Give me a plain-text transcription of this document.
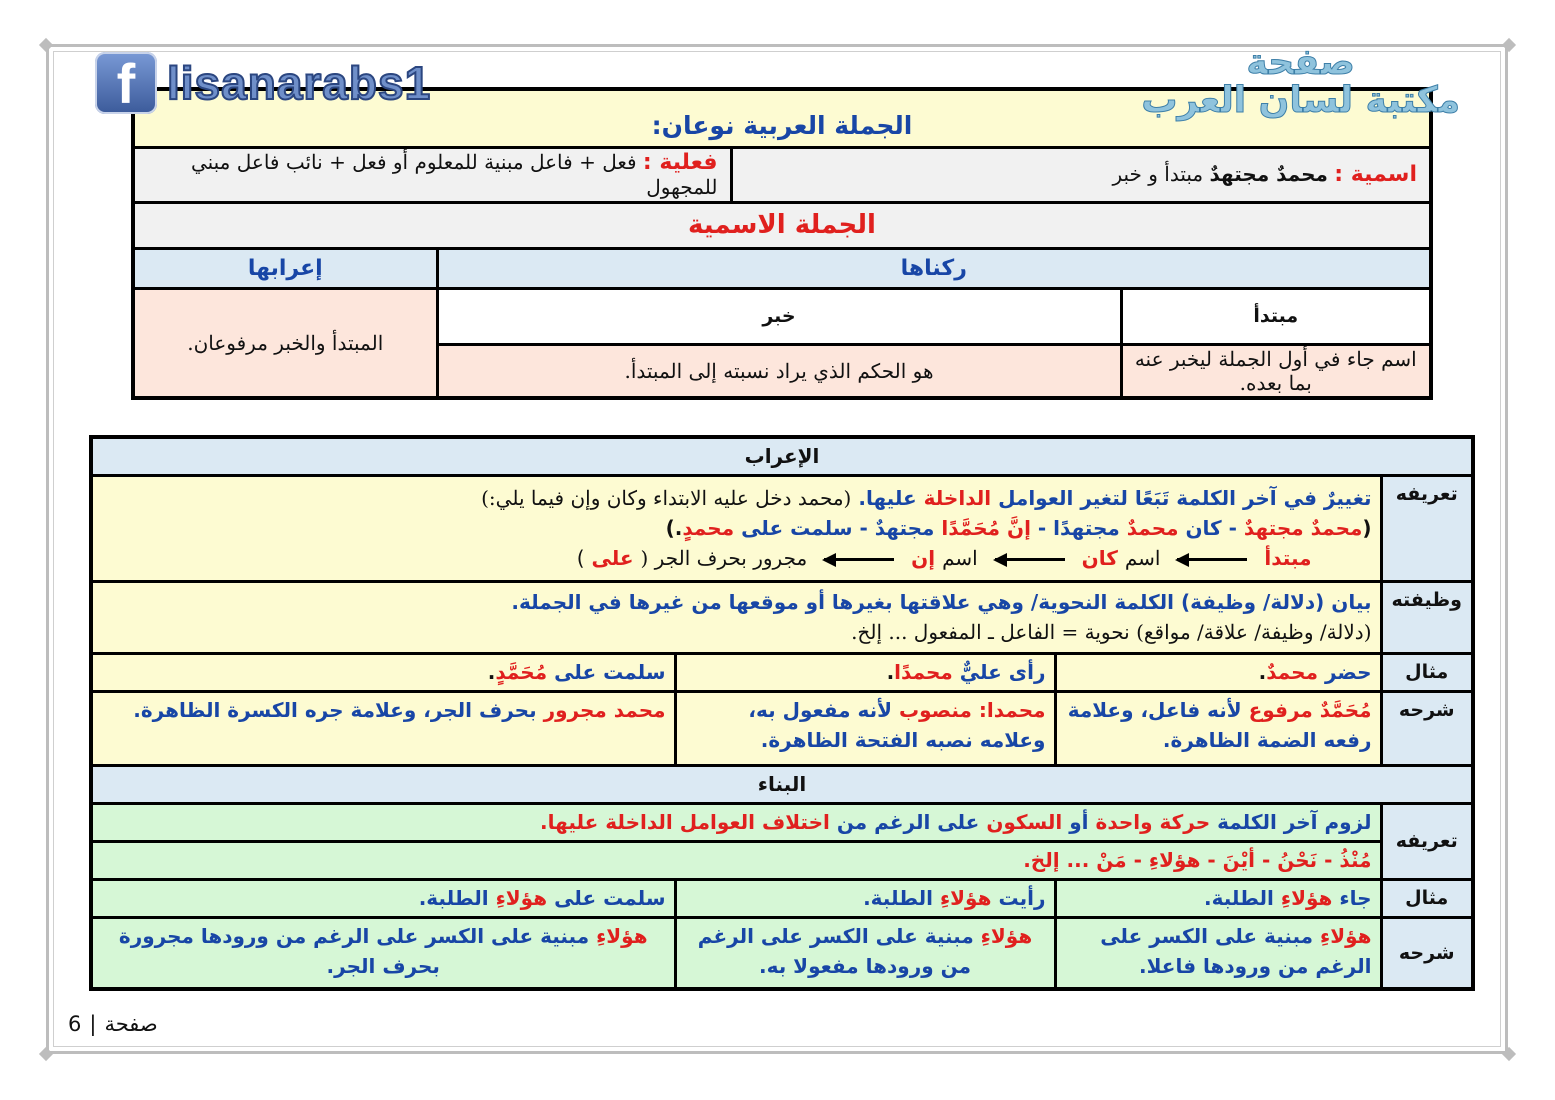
الجملة العربية نوعان:			
اسمية : محمدٌ مجتهدٌ مبتدأ و خبر		فعلية : فعل + فاعل مبنية للمعلوم أو فعل + نائب فاعل مبني للمجهول	
الجملة الاسمية			
ركناها			إعرابها
مبتدأ	خبر		المبتدأ والخبر مرفوعان.
اسم جاء في أول الجملة ليخبر عنه بما بعده.	هو الحكم الذي يراد نسبته إلى المبتدأ.		
الإعراب			
تعريفه	تغييرٌ في آخر الكلمة تَبَعًا لتغير العوامل الداخلة عليها. (محمد دخل عليه الابتداء وكان وإن فيما يلي:)
(محمدٌ مجتهدٌ - كان محمدٌ مجتهدًا - إنَّ مُحَمَّدًا مجتهدٌ - سلمت على محمدٍ.)
مبتدأ  اسم كان  اسم إن  مجرور بحرف الجر ( على )		

وظيفته	بيان (دلالة/ وظيفة) الكلمة النحوية/ وهي علاقتها بغيرها أو موقعها من غيرها في الجملة.
(دلالة/ وظيفة/ علاقة/ مواقع) نحوية = الفاعل ـ المفعول ... إلخ.		

مثال	حضر محمدٌ.	رأى عليٌّ محمدًا.	سلمت على مُحَمَّدٍ.
شرحه	مُحَمَّدٌ مرفوع لأنه فاعل، وعلامة رفعه الضمة الظاهرة.	محمدا: منصوب لأنه مفعول به، وعلامه نصبه الفتحة الظاهرة.	محمد مجرور بحرف الجر، وعلامة جره الكسرة الظاهرة.
البناء			
تعريفه	لزوم آخر الكلمة حركة واحدة أو السكون على الرغم من اختلاف العوامل الداخلة عليها.		
	مُنْذُ - نَحْنُ - أيْنَ - هؤلاءِ - مَنْ ... إلخ.		
مثال	جاء هؤلاءِ الطلبة.	رأيت هؤلاءِ الطلبة.	سلمت على هؤلاءِ الطلبة.
شرحه	هؤلاءِ مبنية على الكسر على الرغم من ورودها فاعلا.	هؤلاءِ مبنية على الكسر على الرغم من ورودها مفعولا به.	هؤلاءِ مبنية على الكسر على الرغم من ورودها مجرورة بحرف الجر.
f lisanarabs1	صفحة
مكتبة لسان العرب
صفحة
|
6
